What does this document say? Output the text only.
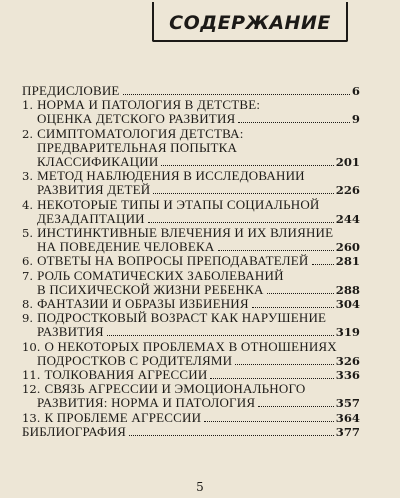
СОДЕРЖАНИЕ
ПРЕДИСЛОВИЕ	6
1. НОРМА И ПАТОЛОГИЯ В ДЕТСТВЕ:
ОЦЕНКА ДЕТСКОГО РАЗВИТИЯ	9
2. СИМПТОМАТОЛОГИЯ ДЕТСТВА:
ПРЕДВАРИТЕЛЬНАЯ ПОПЫТКА
КЛАССИФИКАЦИИ	201
3. МЕТОД НАБЛЮДЕНИЯ В ИССЛЕДОВАНИИ
РАЗВИТИЯ ДЕТЕЙ	226
4. НЕКОТОРЫЕ ТИПЫ И ЭТАПЫ СОЦИАЛЬНОЙ
ДЕЗАДАПТАЦИИ	244
5. ИНСТИНКТИВНЫЕ ВЛЕЧЕНИЯ И ИХ ВЛИЯНИЕ
НА ПОВЕДЕНИЕ ЧЕЛОВЕКА	260
6. ОТВЕТЫ НА ВОПРОСЫ ПРЕПОДАВАТЕЛЕЙ 281
7. РОЛЬ СОМАТИЧЕСКИХ ЗАБОЛЕВАНИЙ
В ПСИХИЧЕСКОЙ ЖИЗНИ РЕБЕНКА	288
8. ФАНТАЗИИ И ОБРАЗЫ ИЗБИЕНИЯ	304
9. ПОДРОСТКОВЫЙ ВОЗРАСТ КАК НАРУШЕНИЕ
РАЗВИТИЯ	319
10. О НЕКОТОРЫХ ПРОБЛЕМАХ В ОТНОШЕНИЯХ
ПОДРОСТКОВ С РОДИТЕЛЯМИ	326
11. ТОЛКОВАНИЯ АГРЕССИИ	336
12. СВЯЗЬ АГРЕССИИ И ЭМОЦИОНАЛЬНОГО
РАЗВИТИЯ: НОРМА И ПАТОЛОГИЯ	357
13. К ПРОБЛЕМЕ АГРЕССИИ	364
БИБЛИОГРАФИЯ	377
5
